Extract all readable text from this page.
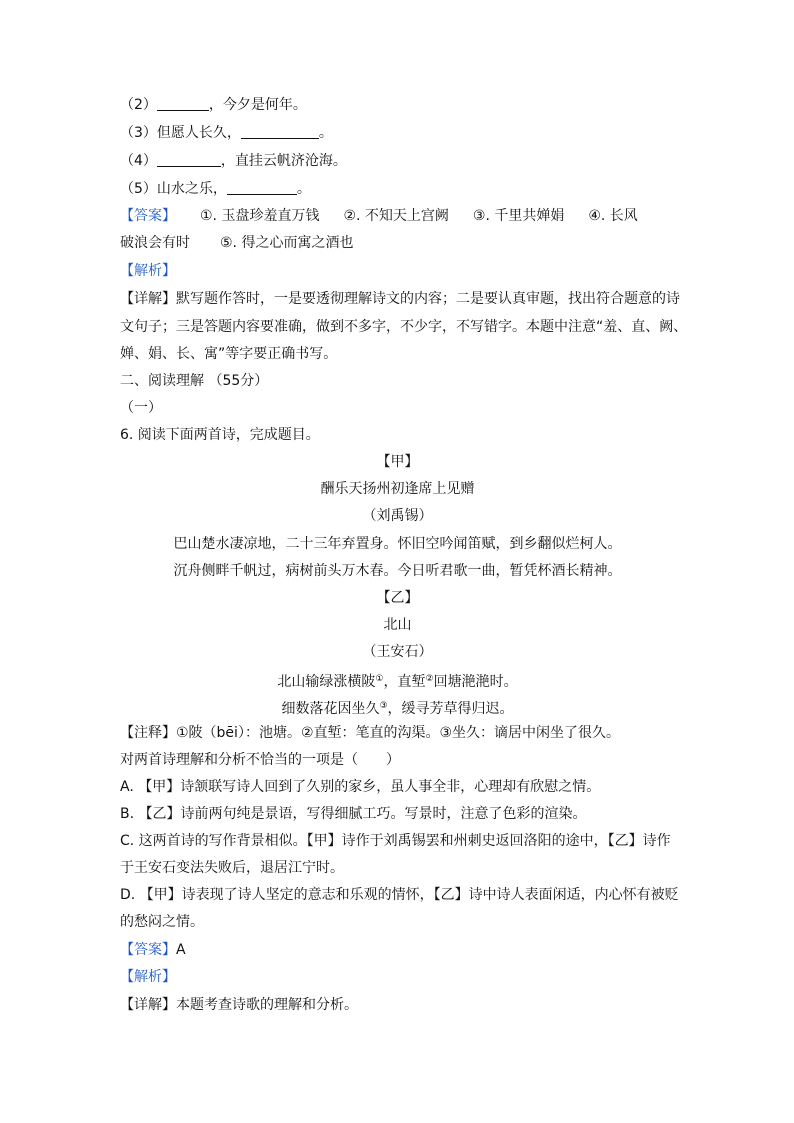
（2）	，今夕是何年。
（3）但愿人长久，	。
（4）	，直挂云帆济沧海。
（5）山水之乐，	。
【答案】 ①. 玉盘珍羞直万钱 ②. 不知天上宫阙 ③. 千里共婵娟 ④. 长风
破浪会有时 ⑤. 得之心而寓之酒也
【解析】
【详解】默写题作答时，一是要透彻理解诗文的内容；二是要认真审题，找出符合题意的诗
文句子；三是答题内容要准确，做到不多字，不少字，不写错字。本题中注意“羞、直、阙、
婵、娟、长、寓”等字要正确书写。
二、阅读理解 （55分）
（一）
6. 阅读下面两首诗，完成题目。
【甲】
酬乐天扬州初逢席上见赠
（刘禹锡）
巴山楚水凄凉地，二十三年弃置身。怀旧空吟闻笛赋，到乡翻似烂柯人。
沉舟侧畔千帆过，病树前头万木春。今日听君歌一曲，暂凭杯酒长精神。
【乙】
北山
（王安石）
北山输绿涨横陂①，直堑②回塘滟滟时。
细数落花因坐久③，缓寻芳草得归迟。
【注释】①陂（bēi）：池塘。②直堑：笔直的沟渠。③坐久：谪居中闲坐了很久。
对两首诗理解和分析不恰当的一项是（　　）
A. 【甲】诗颔联写诗人回到了久别的家乡，虽人事全非，心理却有欣慰之情。
B. 【乙】诗前两句纯是景语，写得细腻工巧。写景时，注意了色彩的渲染。
C. 这两首诗的写作背景相似。【甲】诗作于刘禹锡罢和州刺史返回洛阳的途中，【乙】诗作
于王安石变法失败后，退居江宁时。
D. 【甲】诗表现了诗人坚定的意志和乐观的情怀，【乙】诗中诗人表面闲适，内心怀有被贬
的愁闷之情。
【答案】A
【解析】
【详解】本题考查诗歌的理解和分析。
